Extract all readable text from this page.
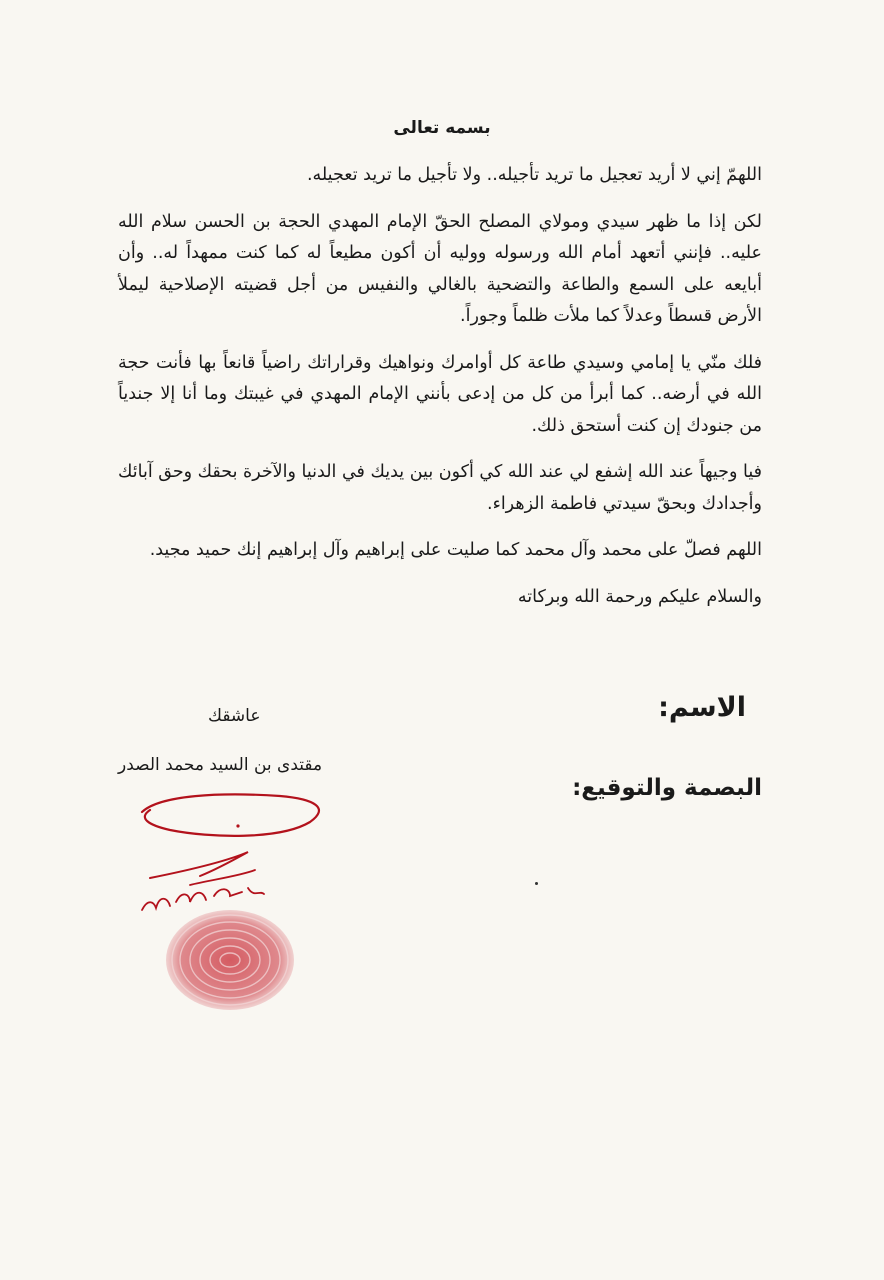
بسمه تعالى

اللهمّ إني لا أريد تعجيل ما تريد تأجيله.. ولا تأجيل ما تريد تعجيله.

لكن إذا ما ظهر سيدي ومولاي المصلح الحقّ الإمام المهدي الحجة بن الحسن سلام الله عليه.. فإنني أتعهد أمام الله ورسوله ووليه أن أكون مطيعاً له كما كنت ممهداً له.. وأن أبايعه على السمع والطاعة والتضحية بالغالي والنفيس من أجل قضيته الإصلاحية ليملأ الأرض قسطاً وعدلاً كما ملأت ظلماً وجوراً.

فلك منّي يا إمامي وسيدي طاعة كل أوامرك ونواهيك وقراراتك راضياً قانعاً بها فأنت حجة الله في أرضه.. كما أبرأ من كل من إدعى بأنني الإمام المهدي في غيبتك وما أنا إلا جندياً من جنودك إن كنت أستحق ذلك.

فيا وجيهاً عند الله إشفع لي عند الله كي أكون بين يديك في الدنيا والآخرة بحقك وحق آبائك وأجدادك وبحقّ سيدتي فاطمة الزهراء.

اللهم فصلّ على محمد وآل محمد كما صليت على إبراهيم وآل إبراهيم إنك حميد مجيد.

والسلام عليكم ورحمة الله وبركاته

الاسم:
البصمة والتوقيع:
عاشقك
مقتدى بن السيد محمد الصدر
